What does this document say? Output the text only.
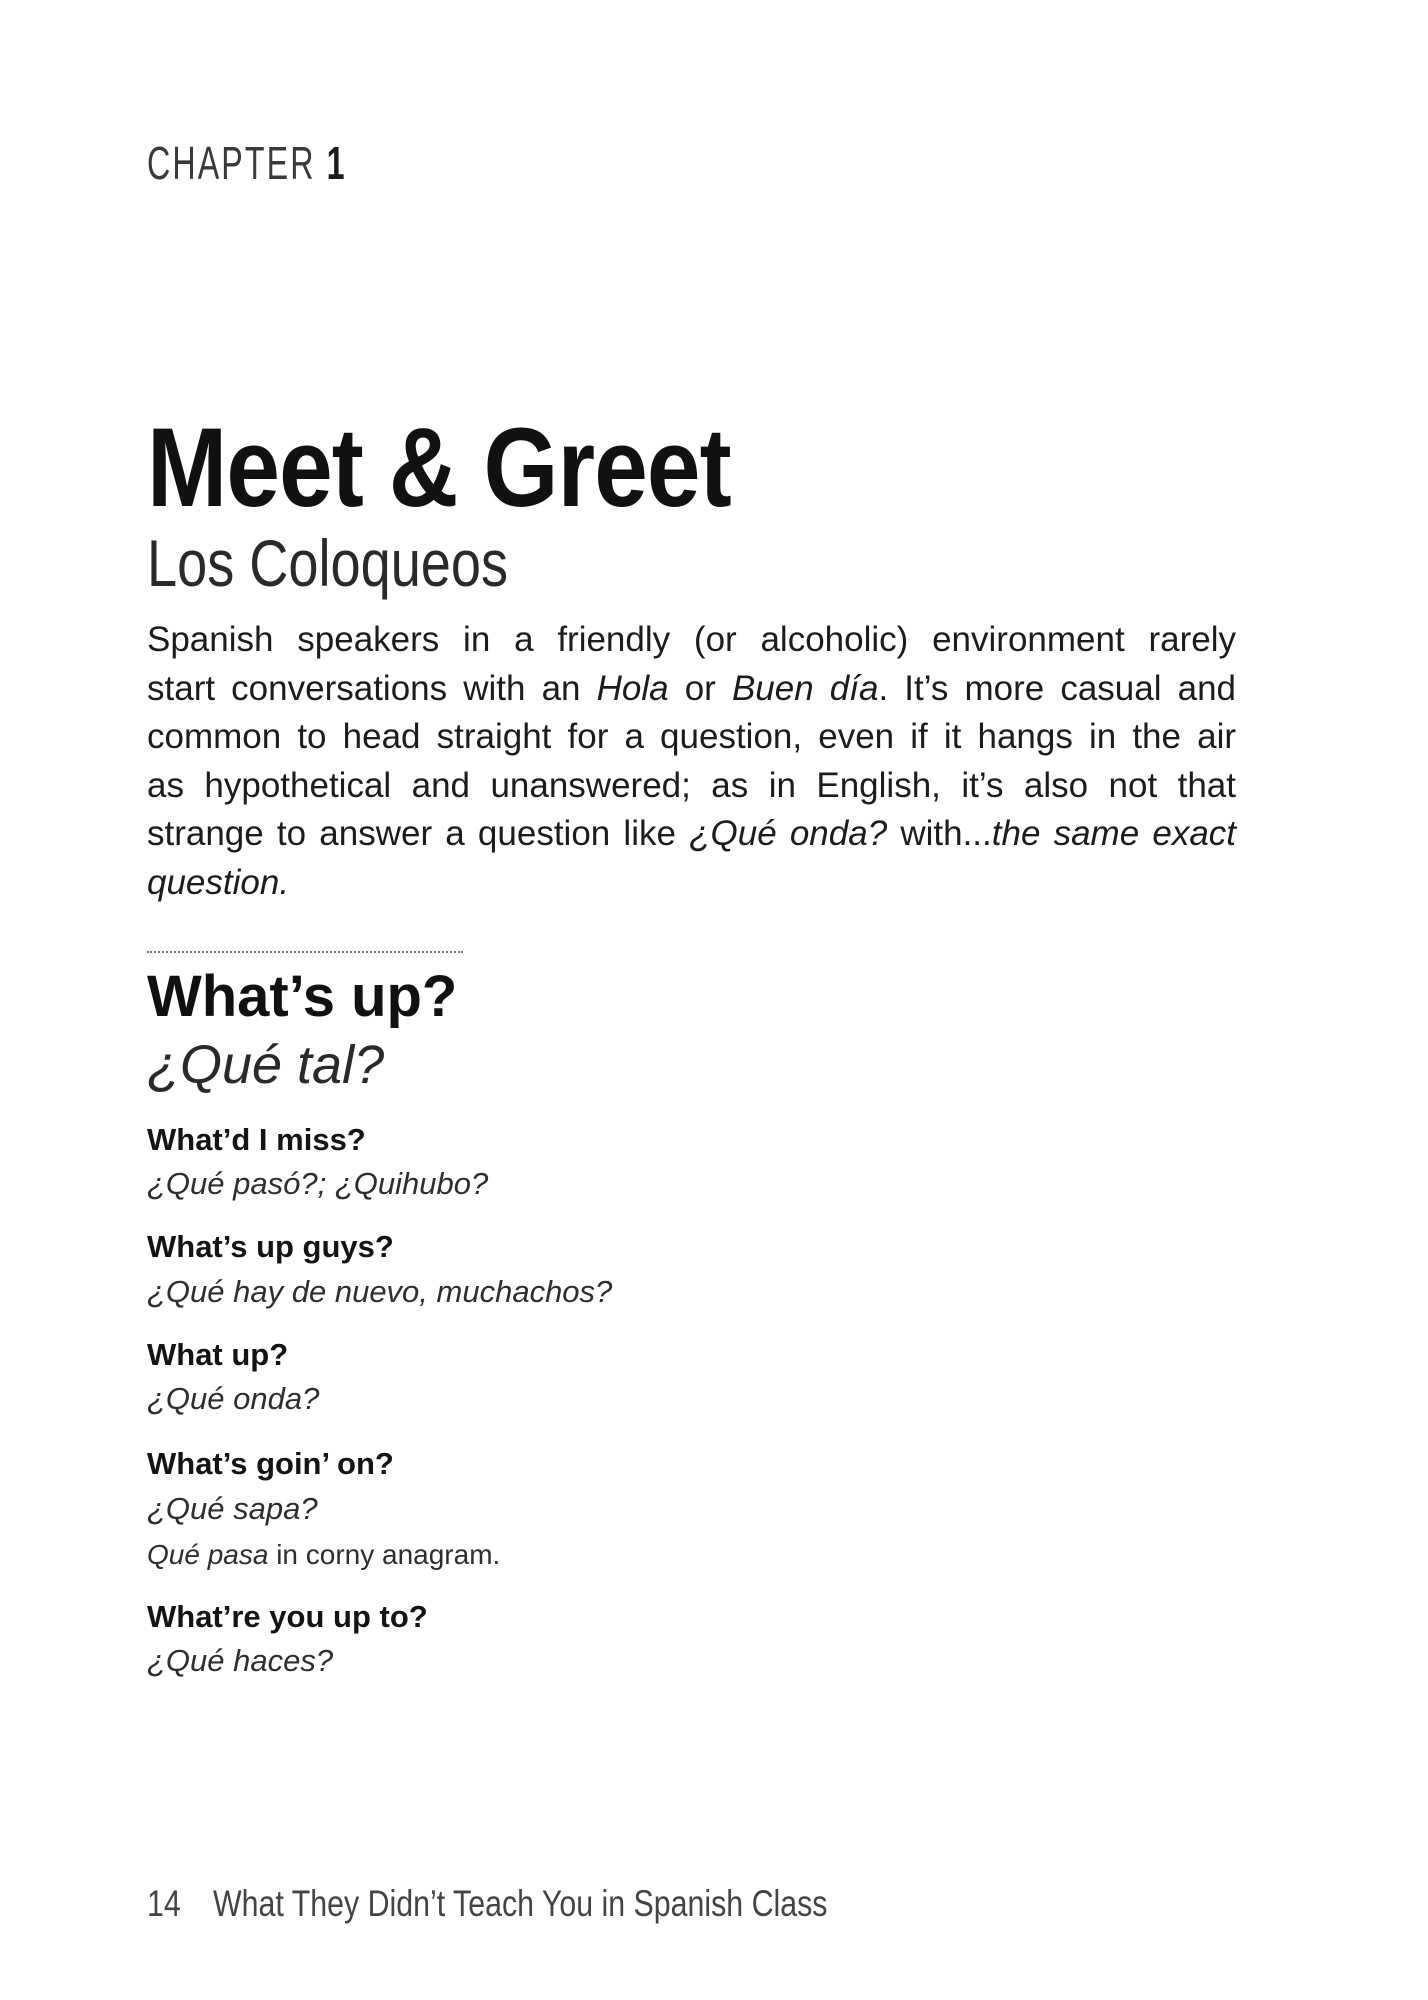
CHAPTER 1
Meet & Greet
Los Coloqueos
Spanish speakers in a friendly (or alcoholic) environment rarely
start conversations with an Hola or Buen día. It’s more casual and
common to head straight for a question, even if it hangs in the air
as hypothetical and unanswered; as in English, it’s also not that
strange to answer a question like ¿Qué onda? with...the same exact
question.
What’s up?
¿Qué tal?
What’d I miss?
¿Qué pasó?; ¿Quihubo?
What’s up guys?
¿Qué hay de nuevo, muchachos?
What up?
¿Qué onda?
What’s goin’ on?
¿Qué sapa?
Qué pasa in corny anagram.
What’re you up to?
¿Qué haces?
14 What They Didn’t Teach You in Spanish Class
